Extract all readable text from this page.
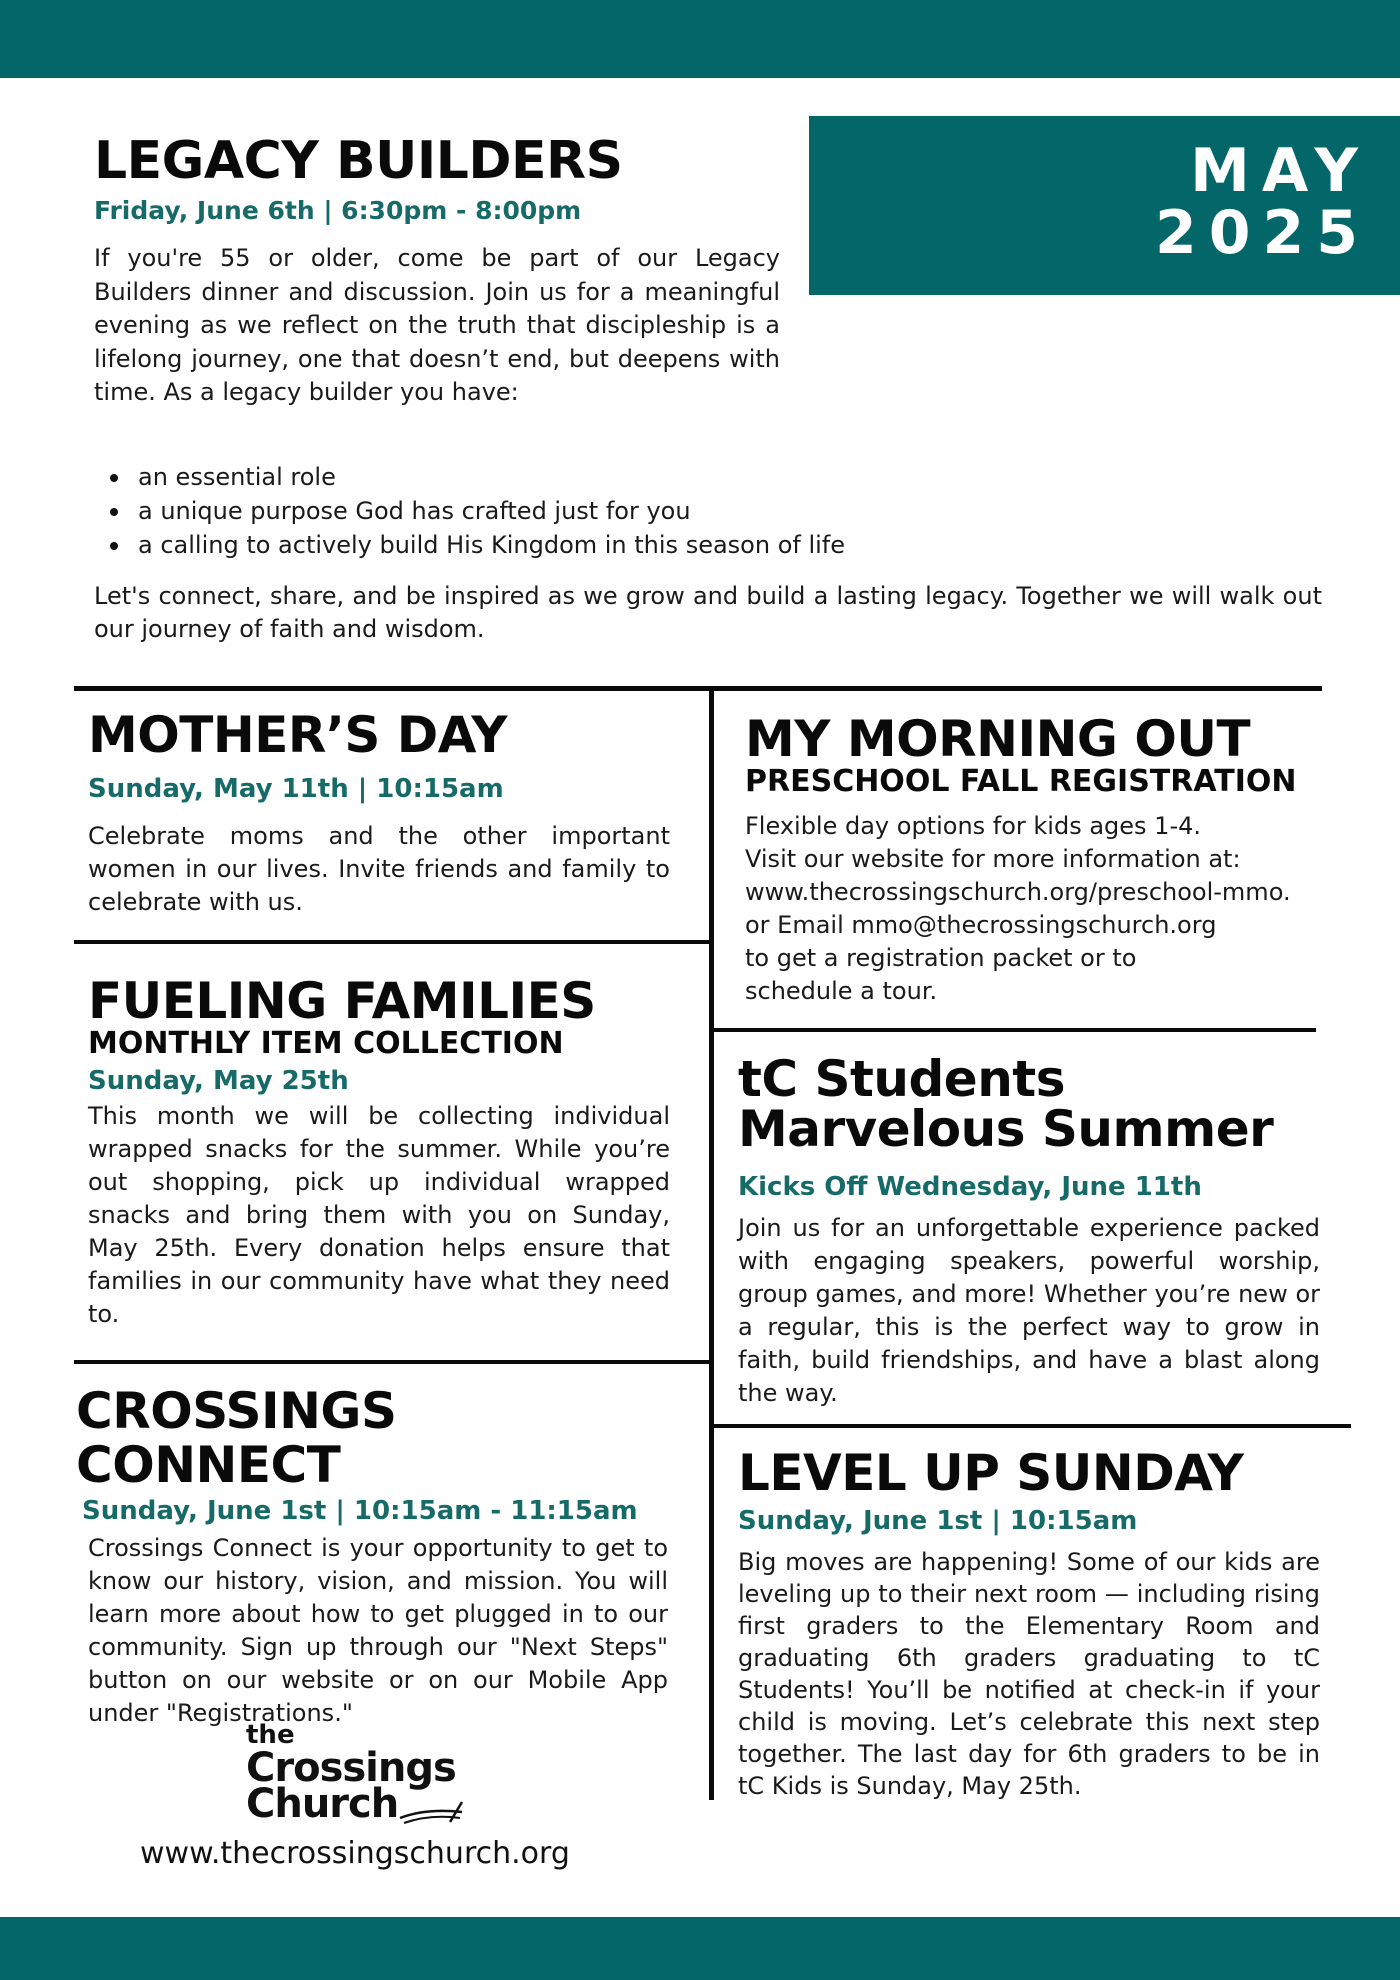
MAY
2025
LEGACY BUILDERS

Friday, June 6th | 6:30pm - 8:00pm

If you're 55 or older, come be part of our Legacy Builders dinner and discussion. Join us for a meaningful evening as we reflect on the truth that discipleship is a lifelong journey, one that doesn’t end, but deepens with time. As a legacy builder you have:

an essential role
a unique purpose God has crafted just for you
a calling to actively build His Kingdom in this season of life

Let's connect, share, and be inspired as we grow and build a lasting legacy. Together we will walk out our journey of faith and wisdom.

MOTHER’S DAY

Sunday, May 11th | 10:15am

Celebrate moms and the other important women in our lives. Invite friends and family to celebrate with us.

FUELING FAMILIES

MONTHLY ITEM COLLECTION

Sunday, May 25th

This month we will be collecting individual wrapped snacks for the summer. While you’re out shopping, pick up individual wrapped snacks and bring them with you on Sunday, May 25th. Every donation helps ensure that families in our community have what they need to.

CROSSINGS CONNECT

Sunday, June 1st | 10:15am - 11:15am

Crossings Connect is your opportunity to get to know our history, vision, and mission. You will learn more about how to get plugged in to our community. Sign up through our "Next Steps" button on our website or on our Mobile App under "Registrations."

MY MORNING OUT

PRESCHOOL FALL REGISTRATION

Flexible day options for kids ages 1-4.
Visit our website for more information at:
www.thecrossingschurch.org/preschool-mmo.
or Email mmo@thecrossingschurch.org
to get a registration packet or to
schedule a tour.
tC Students
Marvelous Summer

Kicks Off Wednesday, June 11th

Join us for an unforgettable experience packed with engaging speakers, powerful worship, group games, and more! Whether you’re new or a regular, this is the perfect way to grow in faith, build friendships, and have a blast along the way.

LEVEL UP SUNDAY

Sunday, June 1st | 10:15am

Big moves are happening! Some of our kids are leveling up to their next room — including rising first graders to the Elementary Room and graduating 6th graders graduating to tC Students! You’ll be notified at check-in if your child is moving. Let’s celebrate this next step together. The last day for 6th graders to be in tC Kids is Sunday, May 25th.

the
Crossings
Church
www.thecrossingschurch.org
